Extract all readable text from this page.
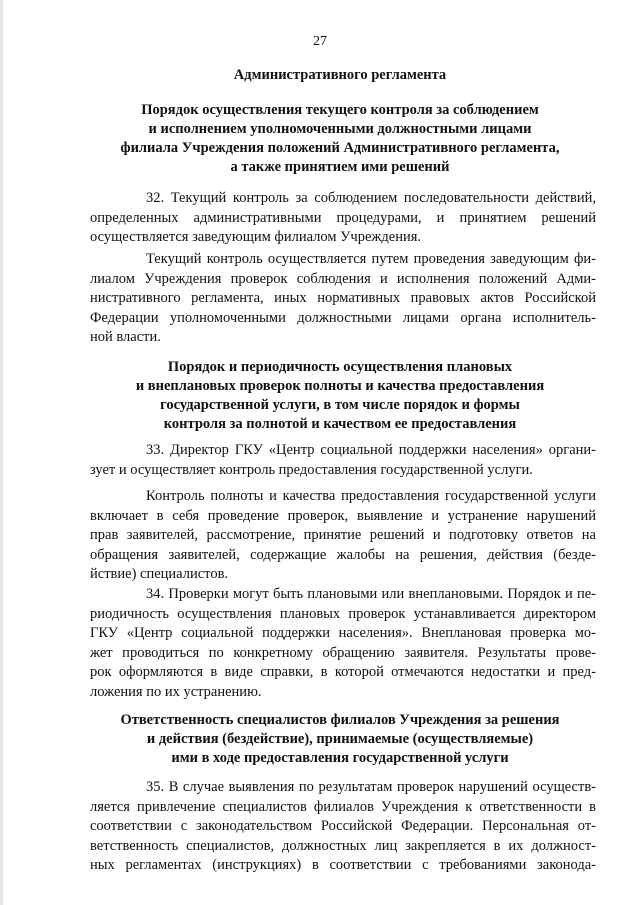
27
Административного регламента
Порядок осуществления текущего контроля за соблюдением
и исполнением уполномоченными должностными лицами
филиала Учреждения положений Административного регламента,
а также принятием ими решений
32. Текущий контроль за соблюдением последовательности действий,
определенных административными процедурами, и принятием решений
осуществляется заведующим филиалом Учреждения.
Текущий контроль осуществляется путем проведения заведующим фи-
лиалом Учреждения проверок соблюдения и исполнения положений Адми-
нистративного регламента, иных нормативных правовых актов Российской
Федерации уполномоченными должностными лицами органа исполнитель-
ной власти.
Порядок и периодичность осуществления плановых
и внеплановых проверок полноты и качества предоставления
государственной услуги, в том числе порядок и формы
контроля за полнотой и качеством ее предоставления
33. Директор ГКУ «Центр социальной поддержки населения» органи-
зует и осуществляет контроль предоставления государственной услуги.
Контроль полноты и качества предоставления государственной услуги
включает в себя проведение проверок, выявление и устранение нарушений
прав заявителей, рассмотрение, принятие решений и подготовку ответов на
обращения заявителей, содержащие жалобы на решения, действия (безде-
йствие) специалистов.
34. Проверки могут быть плановыми или внеплановыми. Порядок и пе-
риодичность осуществления плановых проверок устанавливается директором
ГКУ «Центр социальной поддержки населения». Внеплановая проверка мо-
жет проводиться по конкретному обращению заявителя. Результаты прове-
рок оформляются в виде справки, в которой отмечаются недостатки и пред-
ложения по их устранению.
Ответственность специалистов филиалов Учреждения за решения
и действия (бездействие), принимаемые (осуществляемые)
ими в ходе предоставления государственной услуги
35. В случае выявления по результатам проверок нарушений осуществ-
ляется привлечение специалистов филиалов Учреждения к ответственности в
соответствии с законодательством Российской Федерации. Персональная от-
ветственность специалистов, должностных лиц закрепляется в их должност-
ных регламентах (инструкциях) в соответствии с требованиями законода-
